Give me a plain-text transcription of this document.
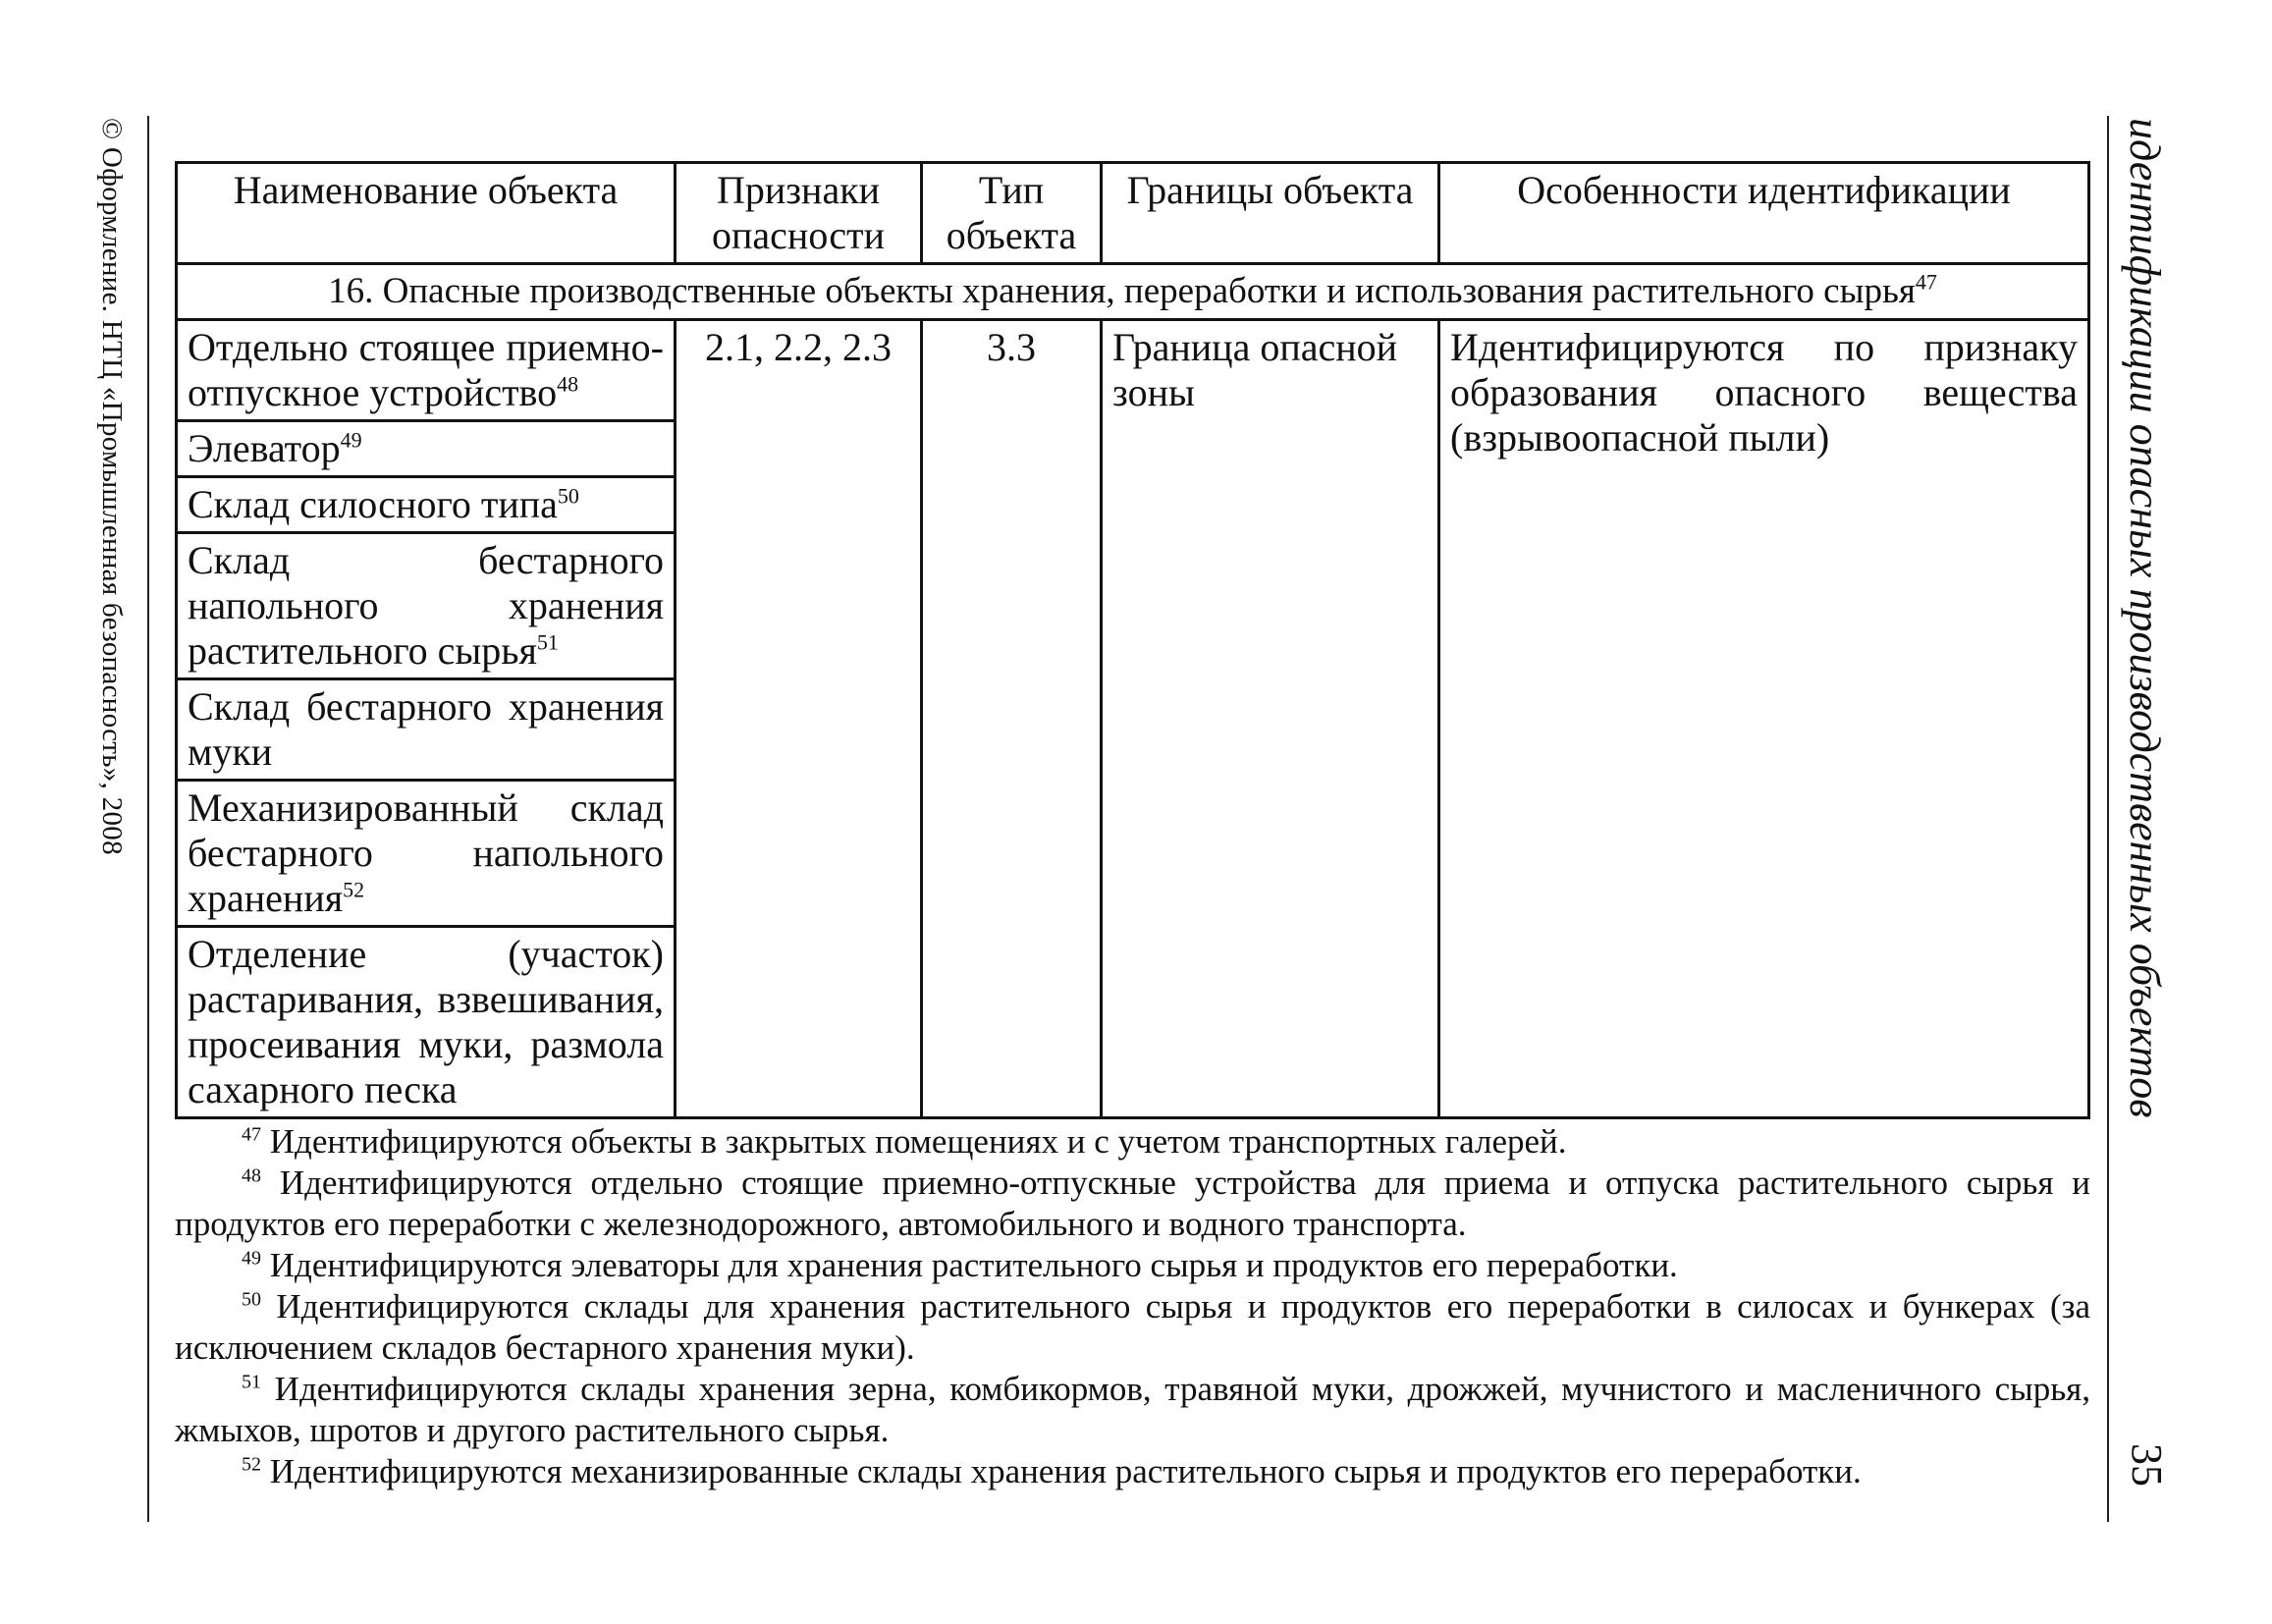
© Оформление. НТЦ «Промышленная безопасность», 2008	идентификации опасных производственных объектов
35
Наименование объекта	Признаки опасности	Тип объекта	Границы объекта	Особенности идентификации
16. Опасные производственные объекты хранения, переработки и использования растительного сырья$^{47}$
Отдельно стоящее приемно-отпускное устройство$^{48}$	2.1, 2.2, 2.3	3.3	Граница опасной зоны	Идентифицируются по признаку образования опасного вещества (взрывоопасной пыли)
Элеватор$^{49}$
Склад силосного типа$^{50}$
Склад бестарного напольного хранения растительного сырья$^{51}$
Склад бестарного хранения муки				
Механизированный склад бестарного напольного хранения$^{52}$
Отделение (участок) растаривания, взвешивания, просеивания муки, размола сахарного песка				

$^{47}$ Идентифицируются объекты в закрытых помещениях и с учетом транспортных галерей.

$^{48}$ Идентифицируются отдельно стоящие приемно-отпускные устройства для приема и отпуска растительного сырья и продуктов его переработки с железнодорожного, автомобильного и водного транспорта.

$^{49}$ Идентифицируются элеваторы для хранения растительного сырья и продуктов его переработки.

$^{50}$ Идентифицируются склады для хранения растительного сырья и продуктов его переработки в силосах и бункерах (за исключением складов бестарного хранения муки).

$^{51}$ Идентифицируются склады хранения зерна, комбикормов, травяной муки, дрожжей, мучнистого и масленичного сырья, жмыхов, шротов и другого растительного сырья.

$^{52}$ Идентифицируются механизированные склады хранения растительного сырья и продуктов его переработки.
